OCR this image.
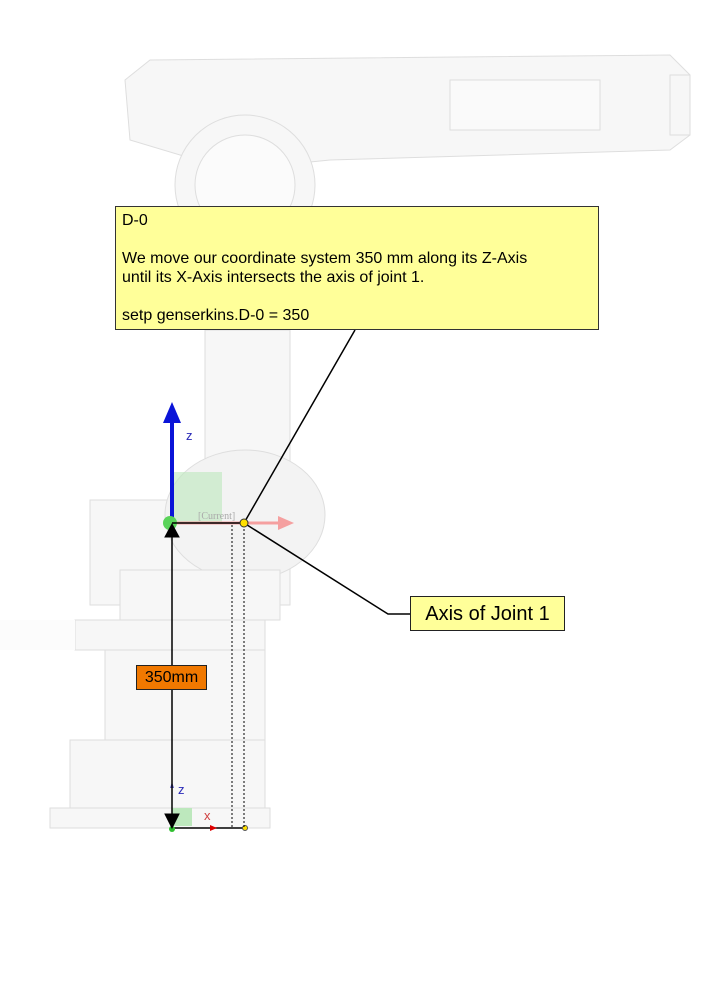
z
[Current]
z
x

D-0

We move our coordinate system 350 mm along its Z-Axis

until its X-Axis intersects the axis of joint 1.

setp genserkins.D-0 = 350

Axis of Joint 1
350mm
